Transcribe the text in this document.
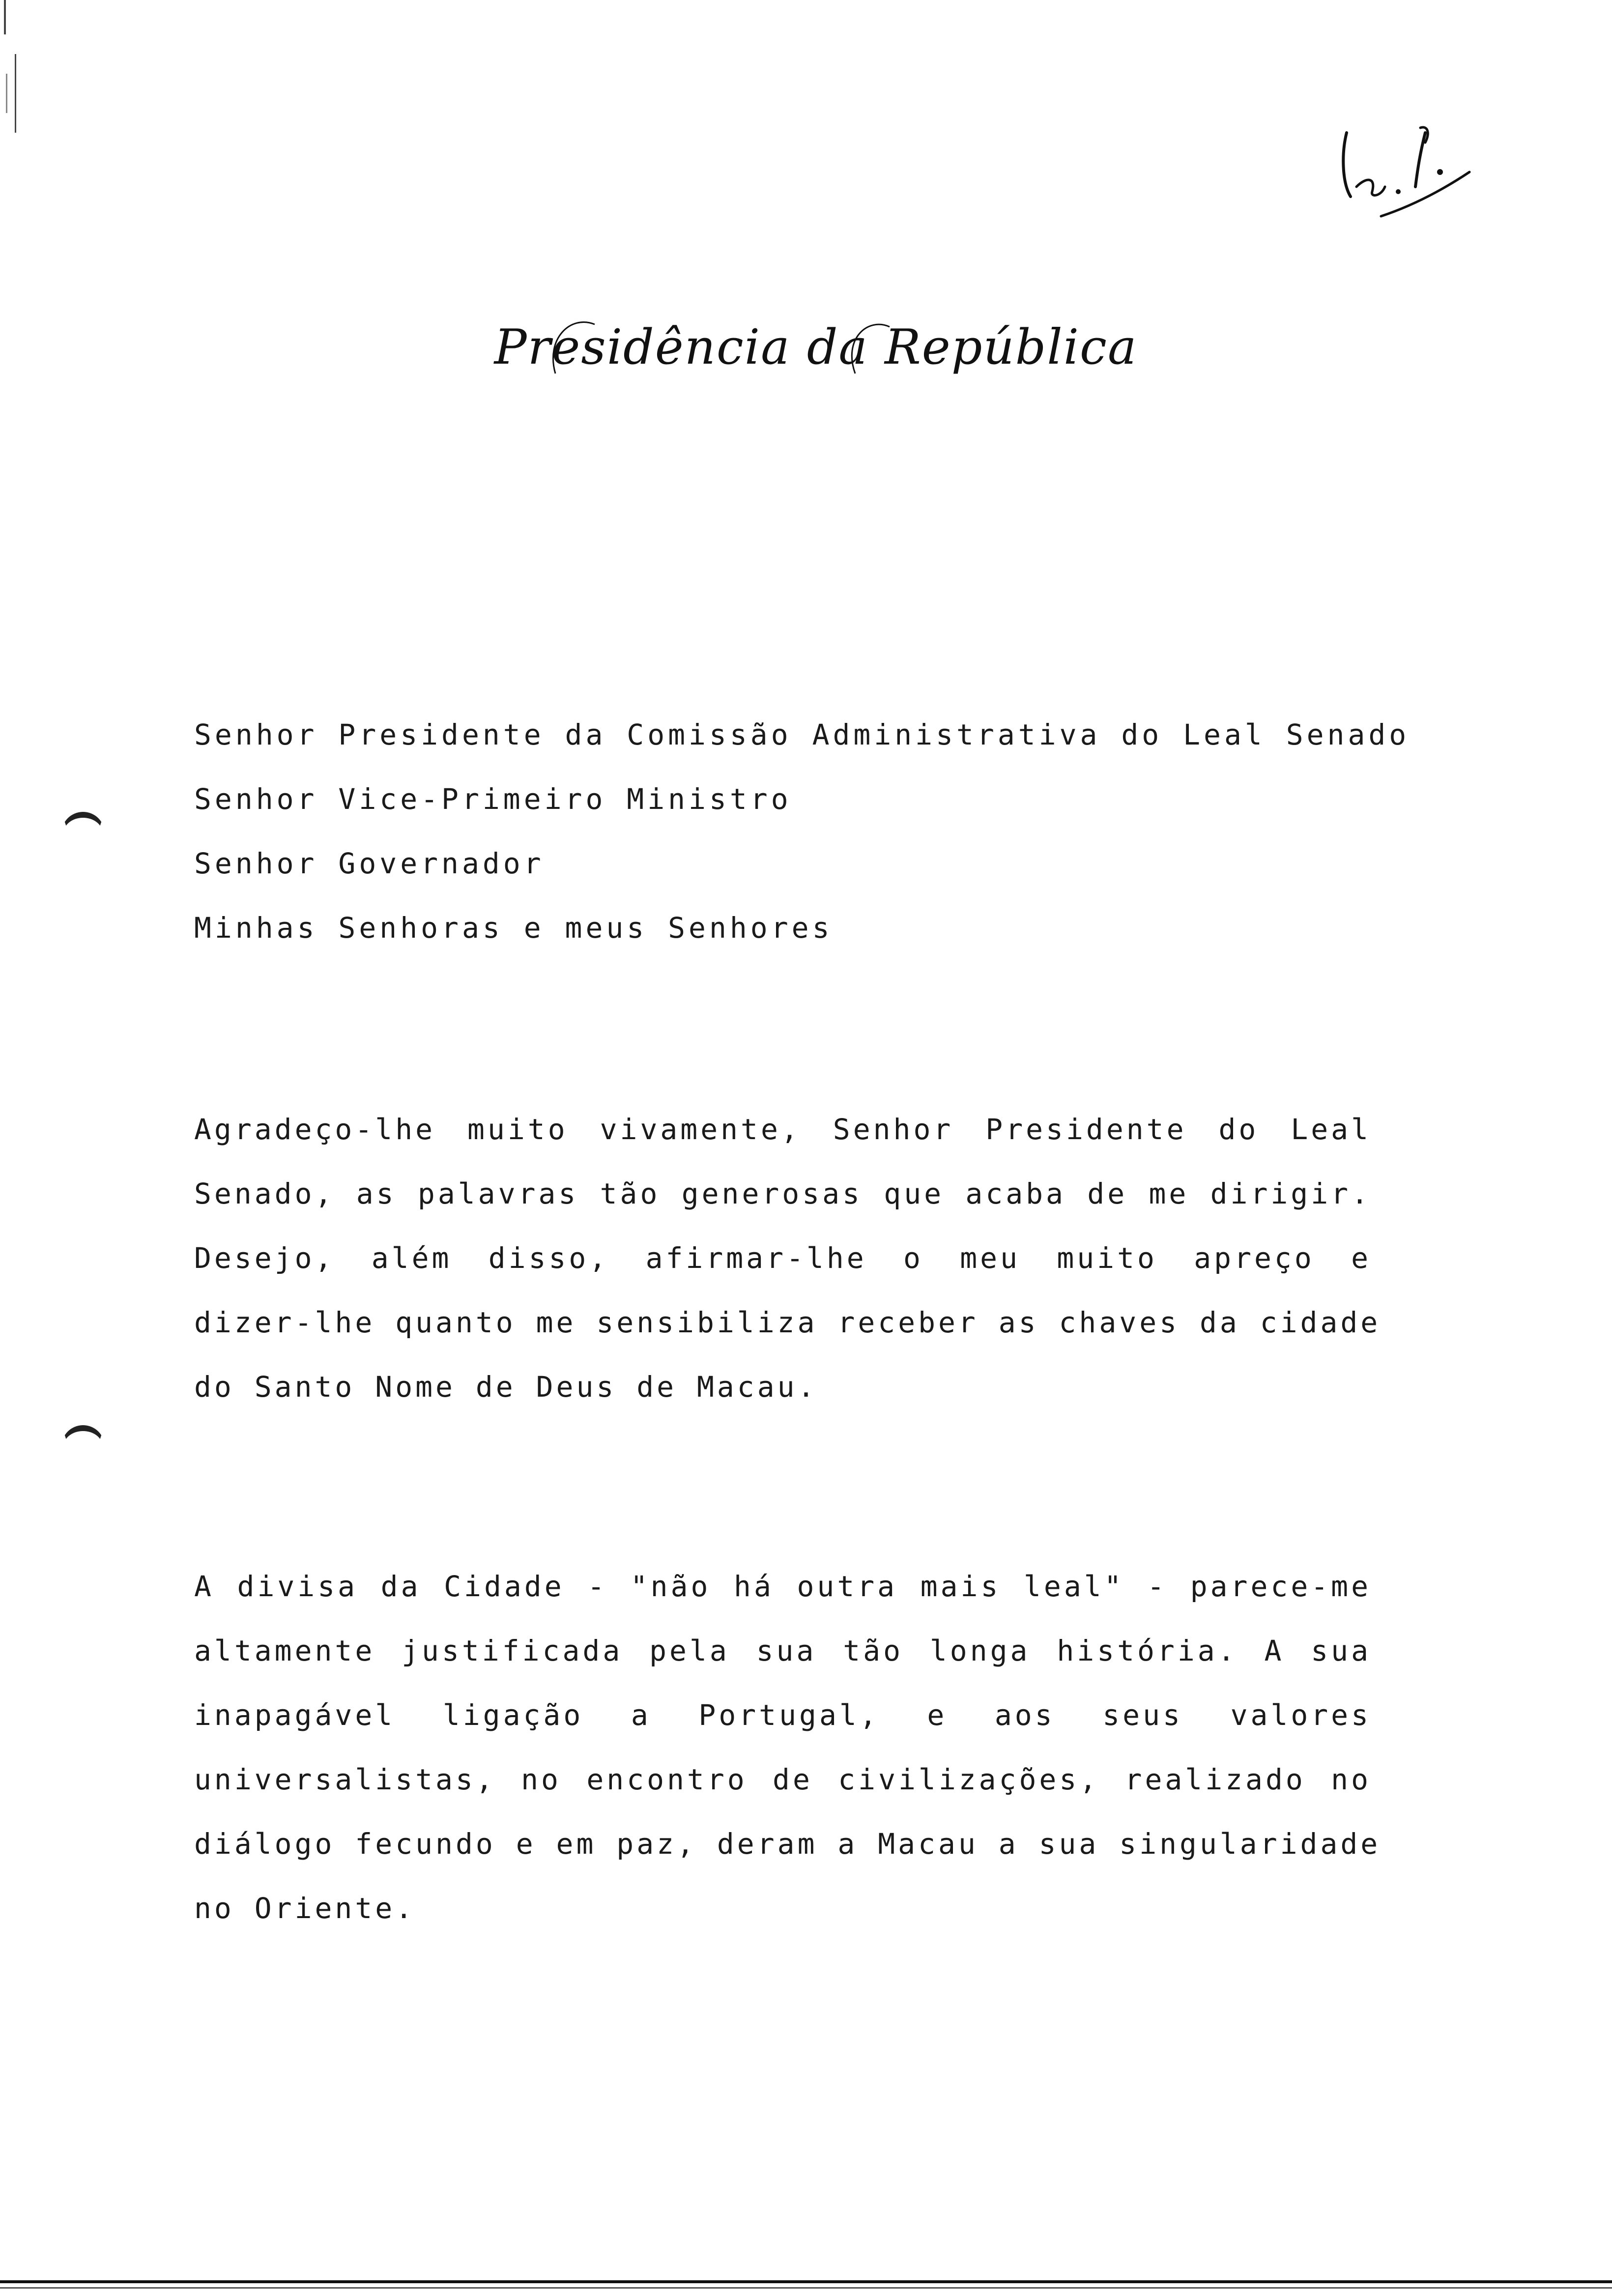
Presidência da República
Senhor Presidente da Comissão Administrativa do Leal Senado
Senhor Vice-Primeiro Ministro
Senhor Governador
Minhas Senhoras e meus Senhores

Agradeço-lhe muito vivamente, Senhor Presidente do Leal
Senado, as palavras tão generosas que acaba de me dirigir.
Desejo, além disso, afirmar-lhe o meu muito apreço e
dizer-lhe quanto me sensibiliza receber as chaves da cidade
do Santo Nome de Deus de Macau.

A divisa da Cidade - "não há outra mais leal" - parece-me
altamente justificada pela sua tão longa história. A sua
inapagável ligação a Portugal, e aos seus valores
universalistas, no encontro de civilizações, realizado no
diálogo fecundo e em paz, deram a Macau a sua singularidade
no Oriente.
